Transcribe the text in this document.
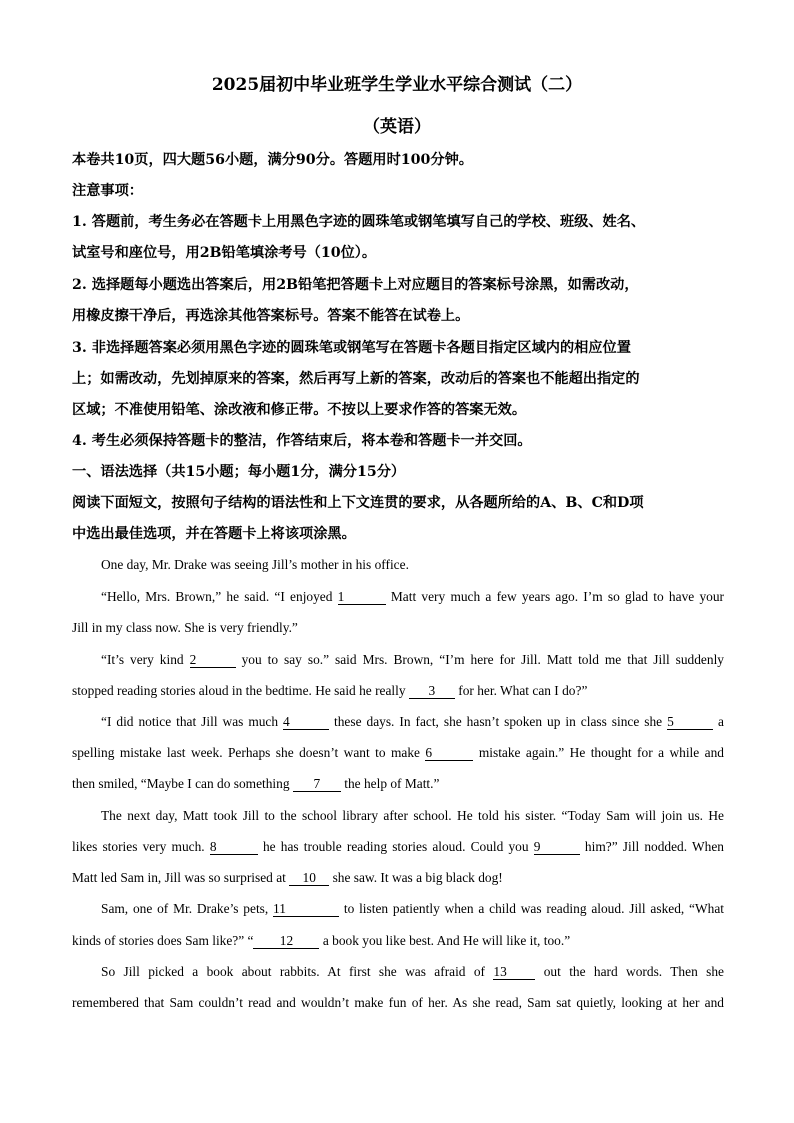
2025届初中毕业班学生学业水平综合测试（二）
（英语）
本卷共10页，四大题56小题，满分90分。答题用时100分钟。
注意事项：
1. 答题前，考生务必在答题卡上用黑色字迹的圆珠笔或钢笔填写自己的学校、班级、姓名、
试室号和座位号，用2B铅笔填涂考号（10位）。
2. 选择题每小题选出答案后，用2B铅笔把答题卡上对应题目的答案标号涂黑，如需改动，
用橡皮擦干净后，再选涂其他答案标号。答案不能答在试卷上。
3. 非选择题答案必须用黑色字迹的圆珠笔或钢笔写在答题卡各题目指定区域内的相应位置
上；如需改动，先划掉原来的答案，然后再写上新的答案，改动后的答案也不能超出指定的
区域；不准使用铅笔、涂改液和修正带。不按以上要求作答的答案无效。
4. 考生必须保持答题卡的整洁，作答结束后，将本卷和答题卡一并交回。
一、语法选择（共15小题；每小题1分，满分15分）
阅读下面短文，按照句子结构的语法性和上下文连贯的要求，从各题所给的A、B、C和D项
中选出最佳选项，并在答题卡上将该项涂黑。
One day, Mr. Drake was seeing Jill’s mother in his office.
“Hello, Mrs. Brown,” he said. “I enjoyed 1	Matt very much a few years ago. I’m so glad to have your
Jill in my class now. She is very friendly.”
“It’s very kind 2	you to say so.” said Mrs. Brown, “I’m here for Jill. Matt told me that Jill suddenly
stopped reading stories aloud in the bedtime. He said he really 3 for her. What can I do?”
“I did notice that Jill was much 4	these days. In fact, she hasn’t spoken up in class since she 5	a
spelling mistake last week. Perhaps she doesn’t want to make 6	mistake again.” He thought for a while and
then smiled, “Maybe I can do something 7 the help of Matt.”
The next day, Matt took Jill to the school library after school. He told his sister. “Today Sam will join us. He
likes stories very much. 8	he has trouble reading stories aloud. Could you 9	him?” Jill nodded. When
Matt led Sam in, Jill was so surprised at 10 she saw. It was a big black dog!
Sam, one of Mr. Drake’s pets, 11	to listen patiently when a child was reading aloud. Jill asked, “What
kinds of stories does Sam like?” “ 12 a book you like best. And He will like it, too.”
So Jill picked a book about rabbits. At first she was afraid of 13 out the hard words. Then she
remembered that Sam couldn’t read and wouldn’t make fun of her. As she read, Sam sat quietly, looking at her and
